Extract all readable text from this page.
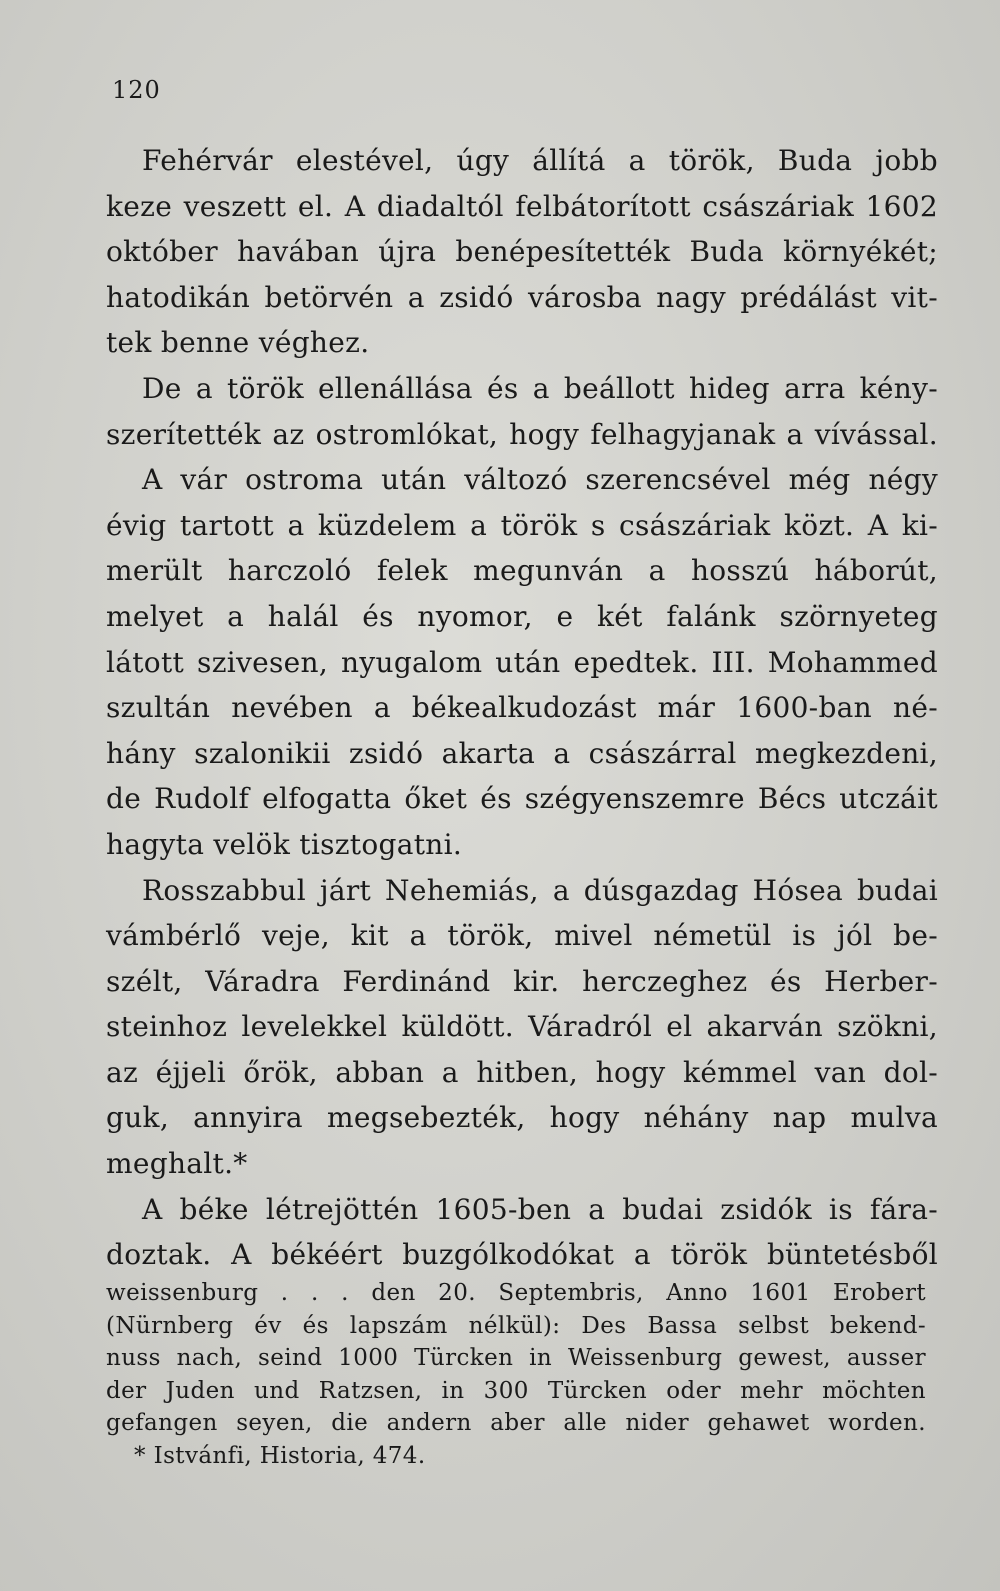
120
Fehérvár elestével, úgy állítá a török, Buda jobb
keze veszett el. A diadaltól felbátorított császáriak 1602
október havában újra benépesítették Buda környékét;
hatodikán betörvén a zsidó városba nagy prédálást vit-
tek benne véghez.
De a török ellenállása és a beállott hideg arra kény-
szerítették az ostromlókat, hogy felhagyjanak a vívással.
A vár ostroma után változó szerencsével még négy
évig tartott a küzdelem a török s császáriak közt. A ki-
merült harczoló felek megunván a hosszú háborút,
melyet a halál és nyomor, e két falánk szörnyeteg
látott szivesen, nyugalom után epedtek. III. Mohammed
szultán nevében a békealkudozást már 1600-ban né-
hány szalonikii zsidó akarta a császárral megkezdeni,
de Rudolf elfogatta őket és szégyenszemre Bécs utczáit
hagyta velök tisztogatni.
Rosszabbul járt Nehemiás, a dúsgazdag Hósea budai
vámbérlő veje, kit a török, mivel németül is jól be-
szélt, Váradra Ferdinánd kir. herczeghez és Herber-
steinhoz levelekkel küldött. Váradról el akarván szökni,
az éjjeli őrök, abban a hitben, hogy kémmel van dol-
guk, annyira megsebezték, hogy néhány nap mulva
meghalt.*
A béke létrejöttén 1605-ben a budai zsidók is fára-
doztak. A békéért buzgólkodókat a török büntetésből
weissenburg . . . den 20. Septembris, Anno 1601 Erobert
(Nürnberg év és lapszám nélkül): Des Bassa selbst bekend-
nuss nach, seind 1000 Türcken in Weissenburg gewest, ausser
der Juden und Ratzsen, in 300 Türcken oder mehr möchten
gefangen seyen, die andern aber alle nider gehawet worden.
* Istvánfi, Historia, 474.
